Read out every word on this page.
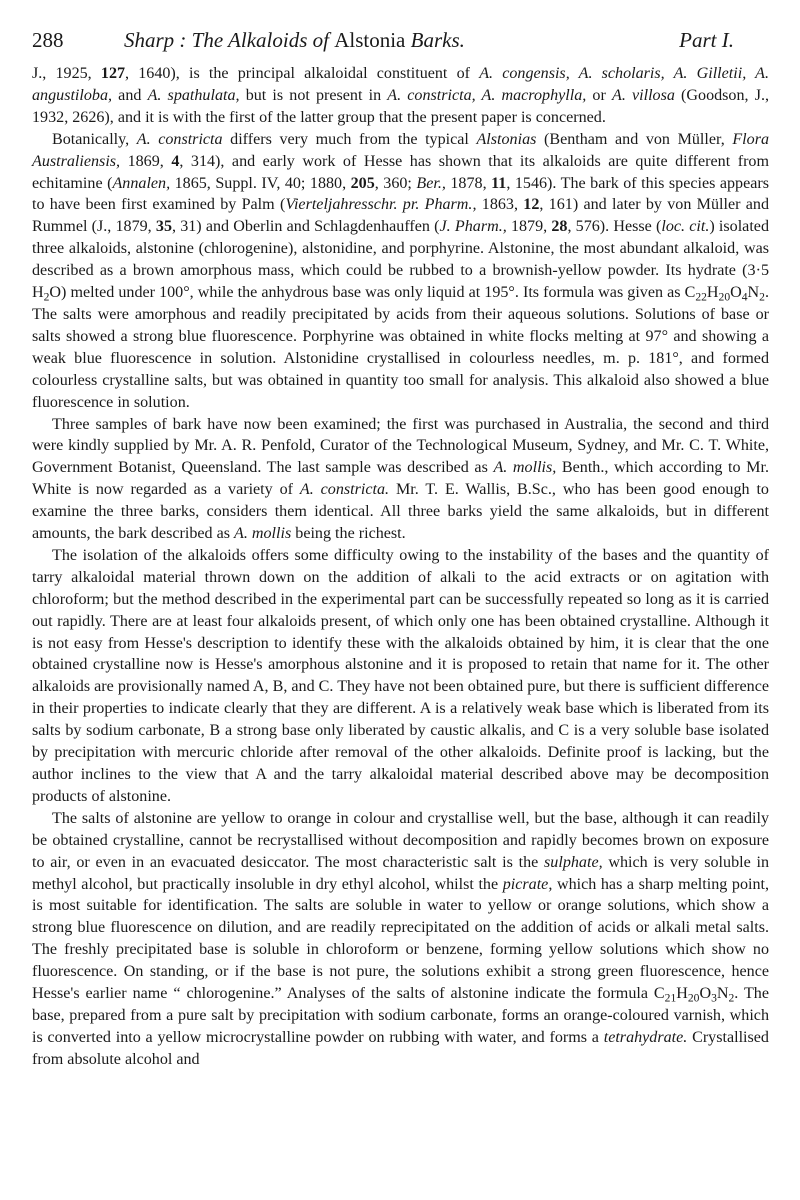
288	Sharp : The Alkaloids of Alstonia Barks.	Part I.

J., 1925, 127, 1640), is the principal alkaloidal constituent of A. congensis, A. scholaris, A. Gilletii, A. angustiloba, and A. spathulata, but is not present in A. constricta, A. macrophylla, or A. villosa (Goodson, J., 1932, 2626), and it is with the first of the latter group that the present paper is concerned.

Botanically, A. constricta differs very much from the typical Alstonias (Bentham and von Müller, Flora Australiensis, 1869, 4, 314), and early work of Hesse has shown that its alkaloids are quite different from echitamine (Annalen, 1865, Suppl. IV, 40; 1880, 205, 360; Ber., 1878, 11, 1546). The bark of this species appears to have been first examined by Palm (Vierteljahresschr. pr. Pharm., 1863, 12, 161) and later by von Müller and Rummel (J., 1879, 35, 31) and Oberlin and Schlagdenhauffen (J. Pharm., 1879, 28, 576). Hesse (loc. cit.) isolated three alkaloids, alstonine (chlorogenine), alstonidine, and porphyrine. Alstonine, the most abundant alkaloid, was described as a brown amorphous mass, which could be rubbed to a brownish-yellow powder. Its hydrate (3·5 $H_2O$) melted under 100°, while the anhydrous base was only liquid at 195°. Its formula was given as $C_{22}H_{20}O_4N_2$. The salts were amorphous and readily precipitated by acids from their aqueous solutions. Solutions of base or salts showed a strong blue fluorescence. Porphyrine was obtained in white flocks melting at 97° and showing a weak blue fluorescence in solution. Alstonidine crystallised in colourless needles, m. p. 181°, and formed colourless crystalline salts, but was obtained in quantity too small for analysis. This alkaloid also showed a blue fluorescence in solution.

Three samples of bark have now been examined; the first was purchased in Australia, the second and third were kindly supplied by Mr. A. R. Penfold, Curator of the Technological Museum, Sydney, and Mr. C. T. White, Government Botanist, Queensland. The last sample was described as A. mollis, Benth., which according to Mr. White is now regarded as a variety of A. constricta. Mr. T. E. Wallis, B.Sc., who has been good enough to examine the three barks, considers them identical. All three barks yield the same alkaloids, but in different amounts, the bark described as A. mollis being the richest.

The isolation of the alkaloids offers some difficulty owing to the instability of the bases and the quantity of tarry alkaloidal material thrown down on the addition of alkali to the acid extracts or on agitation with chloroform; but the method described in the experimental part can be successfully repeated so long as it is carried out rapidly. There are at least four alkaloids present, of which only one has been obtained crystalline. Although it is not easy from Hesse's description to identify these with the alkaloids obtained by him, it is clear that the one obtained crystalline now is Hesse's amorphous alstonine and it is proposed to retain that name for it. The other alkaloids are provisionally named A, B, and C. They have not been obtained pure, but there is sufficient difference in their properties to indicate clearly that they are different. A is a relatively weak base which is liberated from its salts by sodium carbonate, B a strong base only liberated by caustic alkalis, and C is a very soluble base isolated by precipitation with mercuric chloride after removal of the other alkaloids. Definite proof is lacking, but the author inclines to the view that A and the tarry alkaloidal material described above may be decomposition products of alstonine.

The salts of alstonine are yellow to orange in colour and crystallise well, but the base, although it can readily be obtained crystalline, cannot be recrystallised without decomposition and rapidly becomes brown on exposure to air, or even in an evacuated desiccator. The most characteristic salt is the sulphate, which is very soluble in methyl alcohol, but practically insoluble in dry ethyl alcohol, whilst the picrate, which has a sharp melting point, is most suitable for identification. The salts are soluble in water to yellow or orange solutions, which show a strong blue fluorescence on dilution, and are readily reprecipitated on the addition of acids or alkali metal salts. The freshly precipitated base is soluble in chloroform or benzene, forming yellow solutions which show no fluorescence. On standing, or if the base is not pure, the solutions exhibit a strong green fluorescence, hence Hesse's earlier name “ chlorogenine.” Analyses of the salts of alstonine indicate the formula $C_{21}H_{20}O_3N_2$. The base, prepared from a pure salt by precipitation with sodium carbonate, forms an orange-coloured varnish, which is converted into a yellow microcrystalline powder on rubbing with water, and forms a tetrahydrate. Crystallised from absolute alcohol and
